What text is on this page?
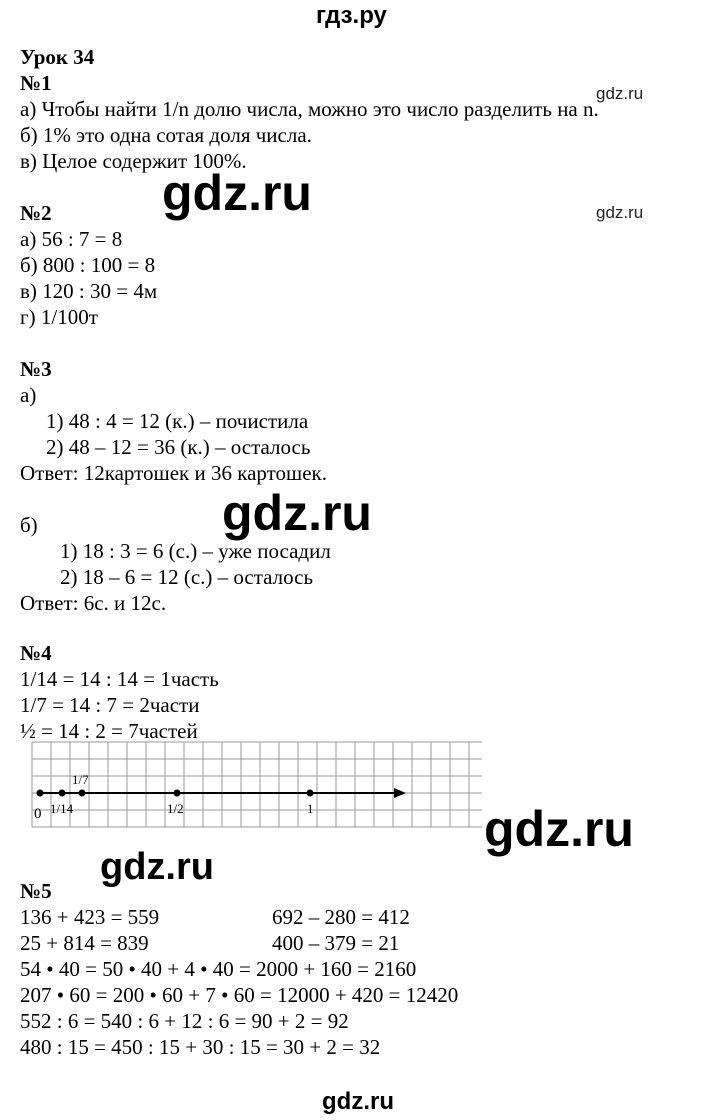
гдз.ру
Урок 34
№1
а) Чтобы найти 1/n долю числа, можно это число разделить на n.
б) 1% это одна сотая доля числа.
в) Целое содержит 100%.
gdz.ru
gdz.ru
gdz.ru
№2
а) 56 : 7 = 8
б) 800 : 100 = 8
в) 120 : 30 = 4м
г) 1/100т
№3
а)
1) 48 : 4 = 12 (к.) – почистила
2) 48 – 12 = 36 (к.) – осталось
Ответ: 12картошек и 36 картошек.
gdz.ru
б)
1) 18 : 3 = 6 (с.) – уже посадил
2) 18 – 6 = 12 (с.) – осталось
Ответ: 6с. и 12с.
№4
1/14 = 14 : 14 = 1часть
1/7 = 14 : 7 = 2части
½ = 14 : 2 = 7частей
0 1/14
1/7
1/2	1	gdz.ru
gdz.ru
№5
136 + 423 = 559	692 – 280 = 412
25 + 814 = 839	400 – 379 = 21
54 • 40 = 50 • 40 + 4 • 40 = 2000 + 160 = 2160
207 • 60 = 200 • 60 + 7 • 60 = 12000 + 420 = 12420
552 : 6 = 540 : 6 + 12 : 6 = 90 + 2 = 92
480 : 15 = 450 : 15 + 30 : 15 = 30 + 2 = 32
gdz.ru
